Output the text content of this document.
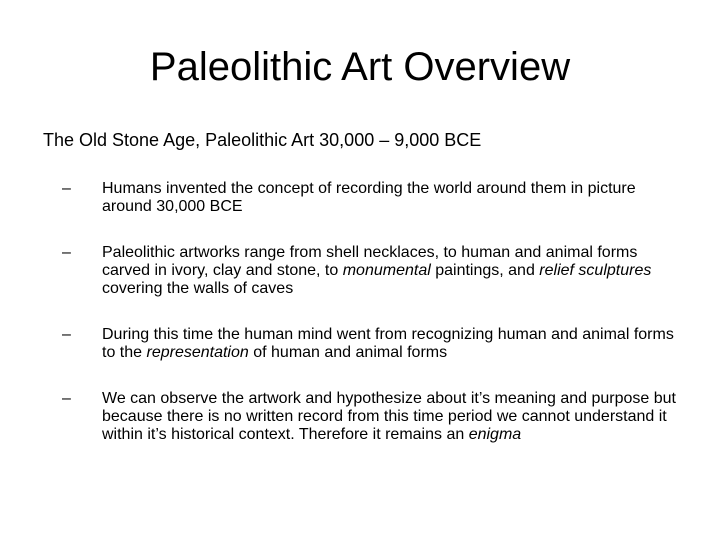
Paleolithic Art Overview

The Old Stone Age, Paleolithic Art 30,000 – 9,000 BCE

–	Humans invented the concept of recording the world around them in picture around 30,000 BCE
–	Paleolithic artworks range from shell necklaces, to human and animal forms carved in ivory, clay and stone, to monumental paintings, and relief sculptures covering the walls of caves
–	During this time the human mind went from recognizing human and animal forms to the representation of human and animal forms
–	We can observe the artwork and hypothesize about it’s meaning and purpose but because there is no written record from this time period we cannot understand it within it’s historical context. Therefore it remains an enigma
